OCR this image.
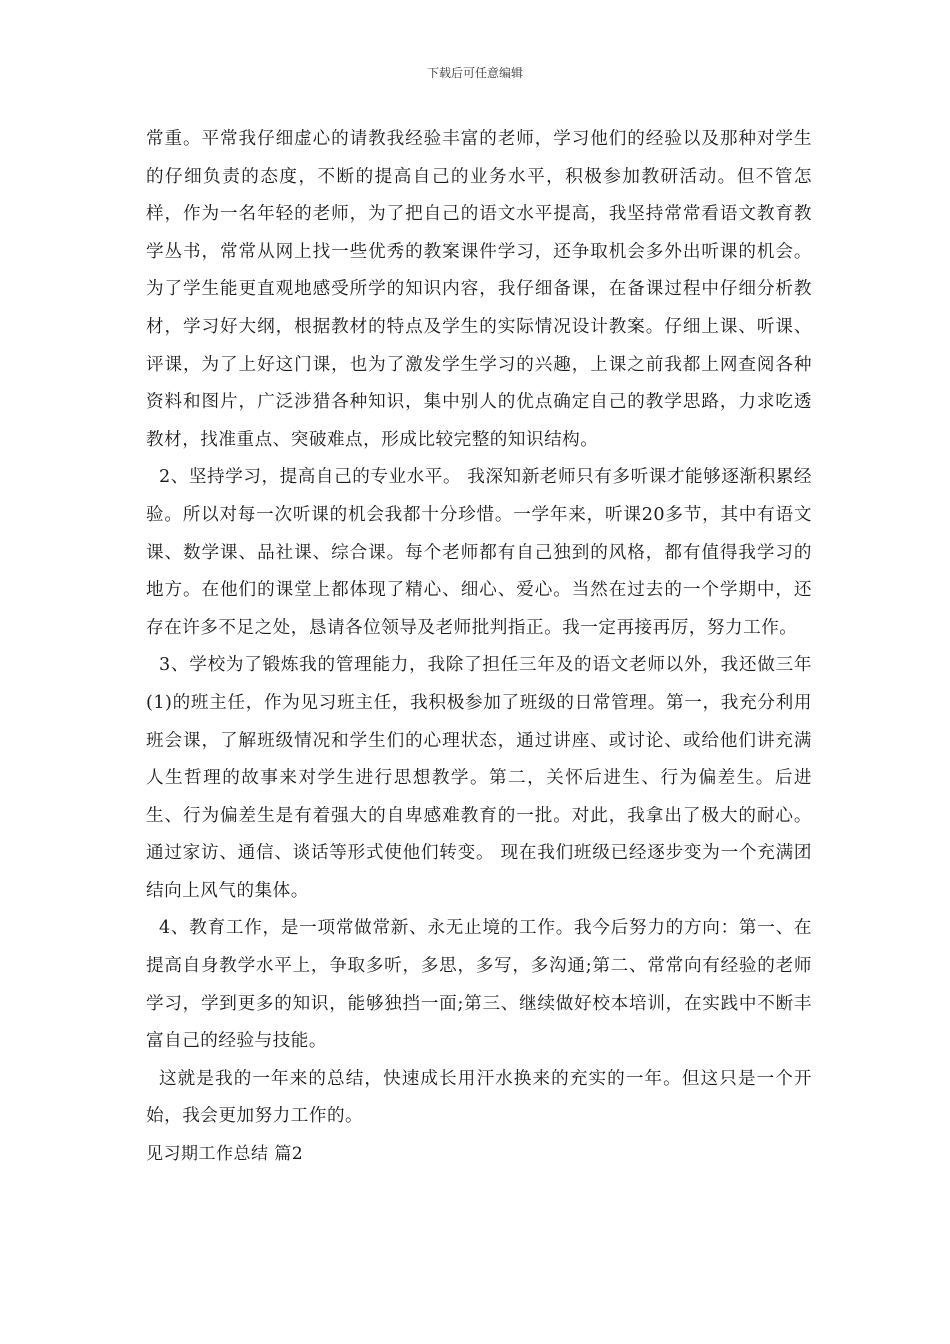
下载后可任意编辑

常重。平常我仔细虚心的请教我经验丰富的老师，学习他们的经验以及那种对学生的仔细负责的态度，不断的提高自己的业务水平，积极参加教研活动。但不管怎样，作为一名年轻的老师，为了把自己的语文水平提高，我坚持常常看语文教育教学丛书，常常从网上找一些优秀的教案课件学习，还争取机会多外出听课的机会。为了学生能更直观地感受所学的知识内容，我仔细备课，在备课过程中仔细分析教材，学习好大纲，根据教材的特点及学生的实际情况设计教案。仔细上课、听课、评课，为了上好这门课，也为了激发学生学习的兴趣，上课之前我都上网查阅各种资料和图片，广泛涉猎各种知识，集中别人的优点确定自己的教学思路，力求吃透教材，找准重点、突破难点，形成比较完整的知识结构。

2、坚持学习，提高自己的专业水平。 我深知新老师只有多听课才能够逐渐积累经验。所以对每一次听课的机会我都十分珍惜。一学年来，听课20多节，其中有语文课、数学课、品社课、综合课。每个老师都有自己独到的风格，都有值得我学习的地方。在他们的课堂上都体现了精心、细心、爱心。当然在过去的一个学期中，还存在许多不足之处，恳请各位领导及老师批判指正。我一定再接再厉，努力工作。

3、学校为了锻炼我的管理能力，我除了担任三年及的语文老师以外，我还做三年(1)的班主任，作为见习班主任，我积极参加了班级的日常管理。第一，我充分利用班会课，了解班级情况和学生们的心理状态，通过讲座、或讨论、或给他们讲充满人生哲理的故事来对学生进行思想教学。第二，关怀后进生、行为偏差生。后进生、行为偏差生是有着强大的自卑感难教育的一批。对此，我拿出了极大的耐心。通过家访、通信、谈话等形式使他们转变。 现在我们班级已经逐步变为一个充满团结向上风气的集体。

4、教育工作，是一项常做常新、永无止境的工作。我今后努力的方向：第一、在提高自身教学水平上，争取多听，多思，多写，多沟通;第二、常常向有经验的老师学习，学到更多的知识，能够独挡一面;第三、继续做好校本培训，在实践中不断丰富自己的经验与技能。

这就是我的一年来的总结，快速成长用汗水换来的充实的一年。但这只是一个开始，我会更加努力工作的。

见习期工作总结 篇2
